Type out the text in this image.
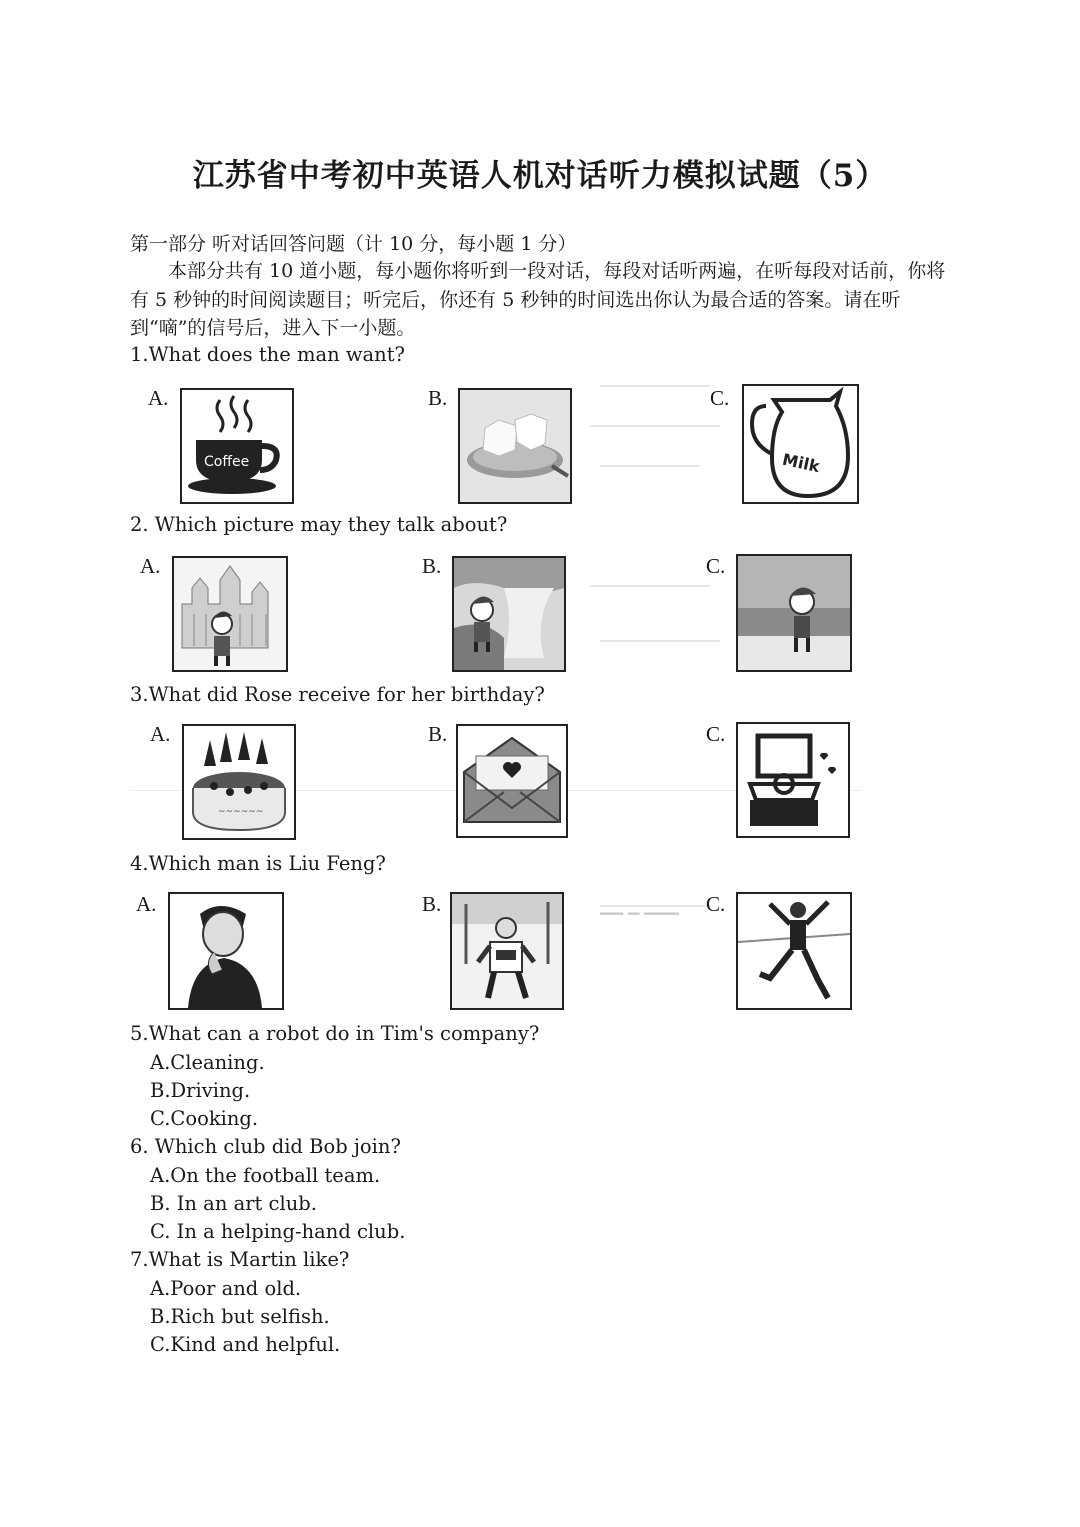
江苏省中考初中英语人机对话听力模拟试题（5）
第一部分 听对话回答问题（计 10 分，每小题 1 分）
本部分共有 10 道小题，每小题你将听到一段对话，每段对话听两遍，在听每段对话前，你将有 5 秒钟的时间阅读题目；听完后，你还有 5 秒钟的时间选出你认为最合适的答案。请在听到“嘀”的信号后，进入下一小题。
1.What does the man want?
A.
Coffee
B.	C.
Milk
2. Which picture may they talk about?
A.	B.	C.
3.What did Rose receive for her birthday?
A.
~~~~~~
B.	C.
4.Which man is Liu Feng?
A.	B.	C.
▁▁ ▁ ▁▁▁
5.What can a robot do in Tim's company?
A.Cleaning.
B.Driving.
C.Cooking.
6. Which club did Bob join?
A.On the football team.
B. In an art club.
C. In a helping-hand club.
7.What is Martin like?
A.Poor and old.
B.Rich but selfish.
C.Kind and helpful.
